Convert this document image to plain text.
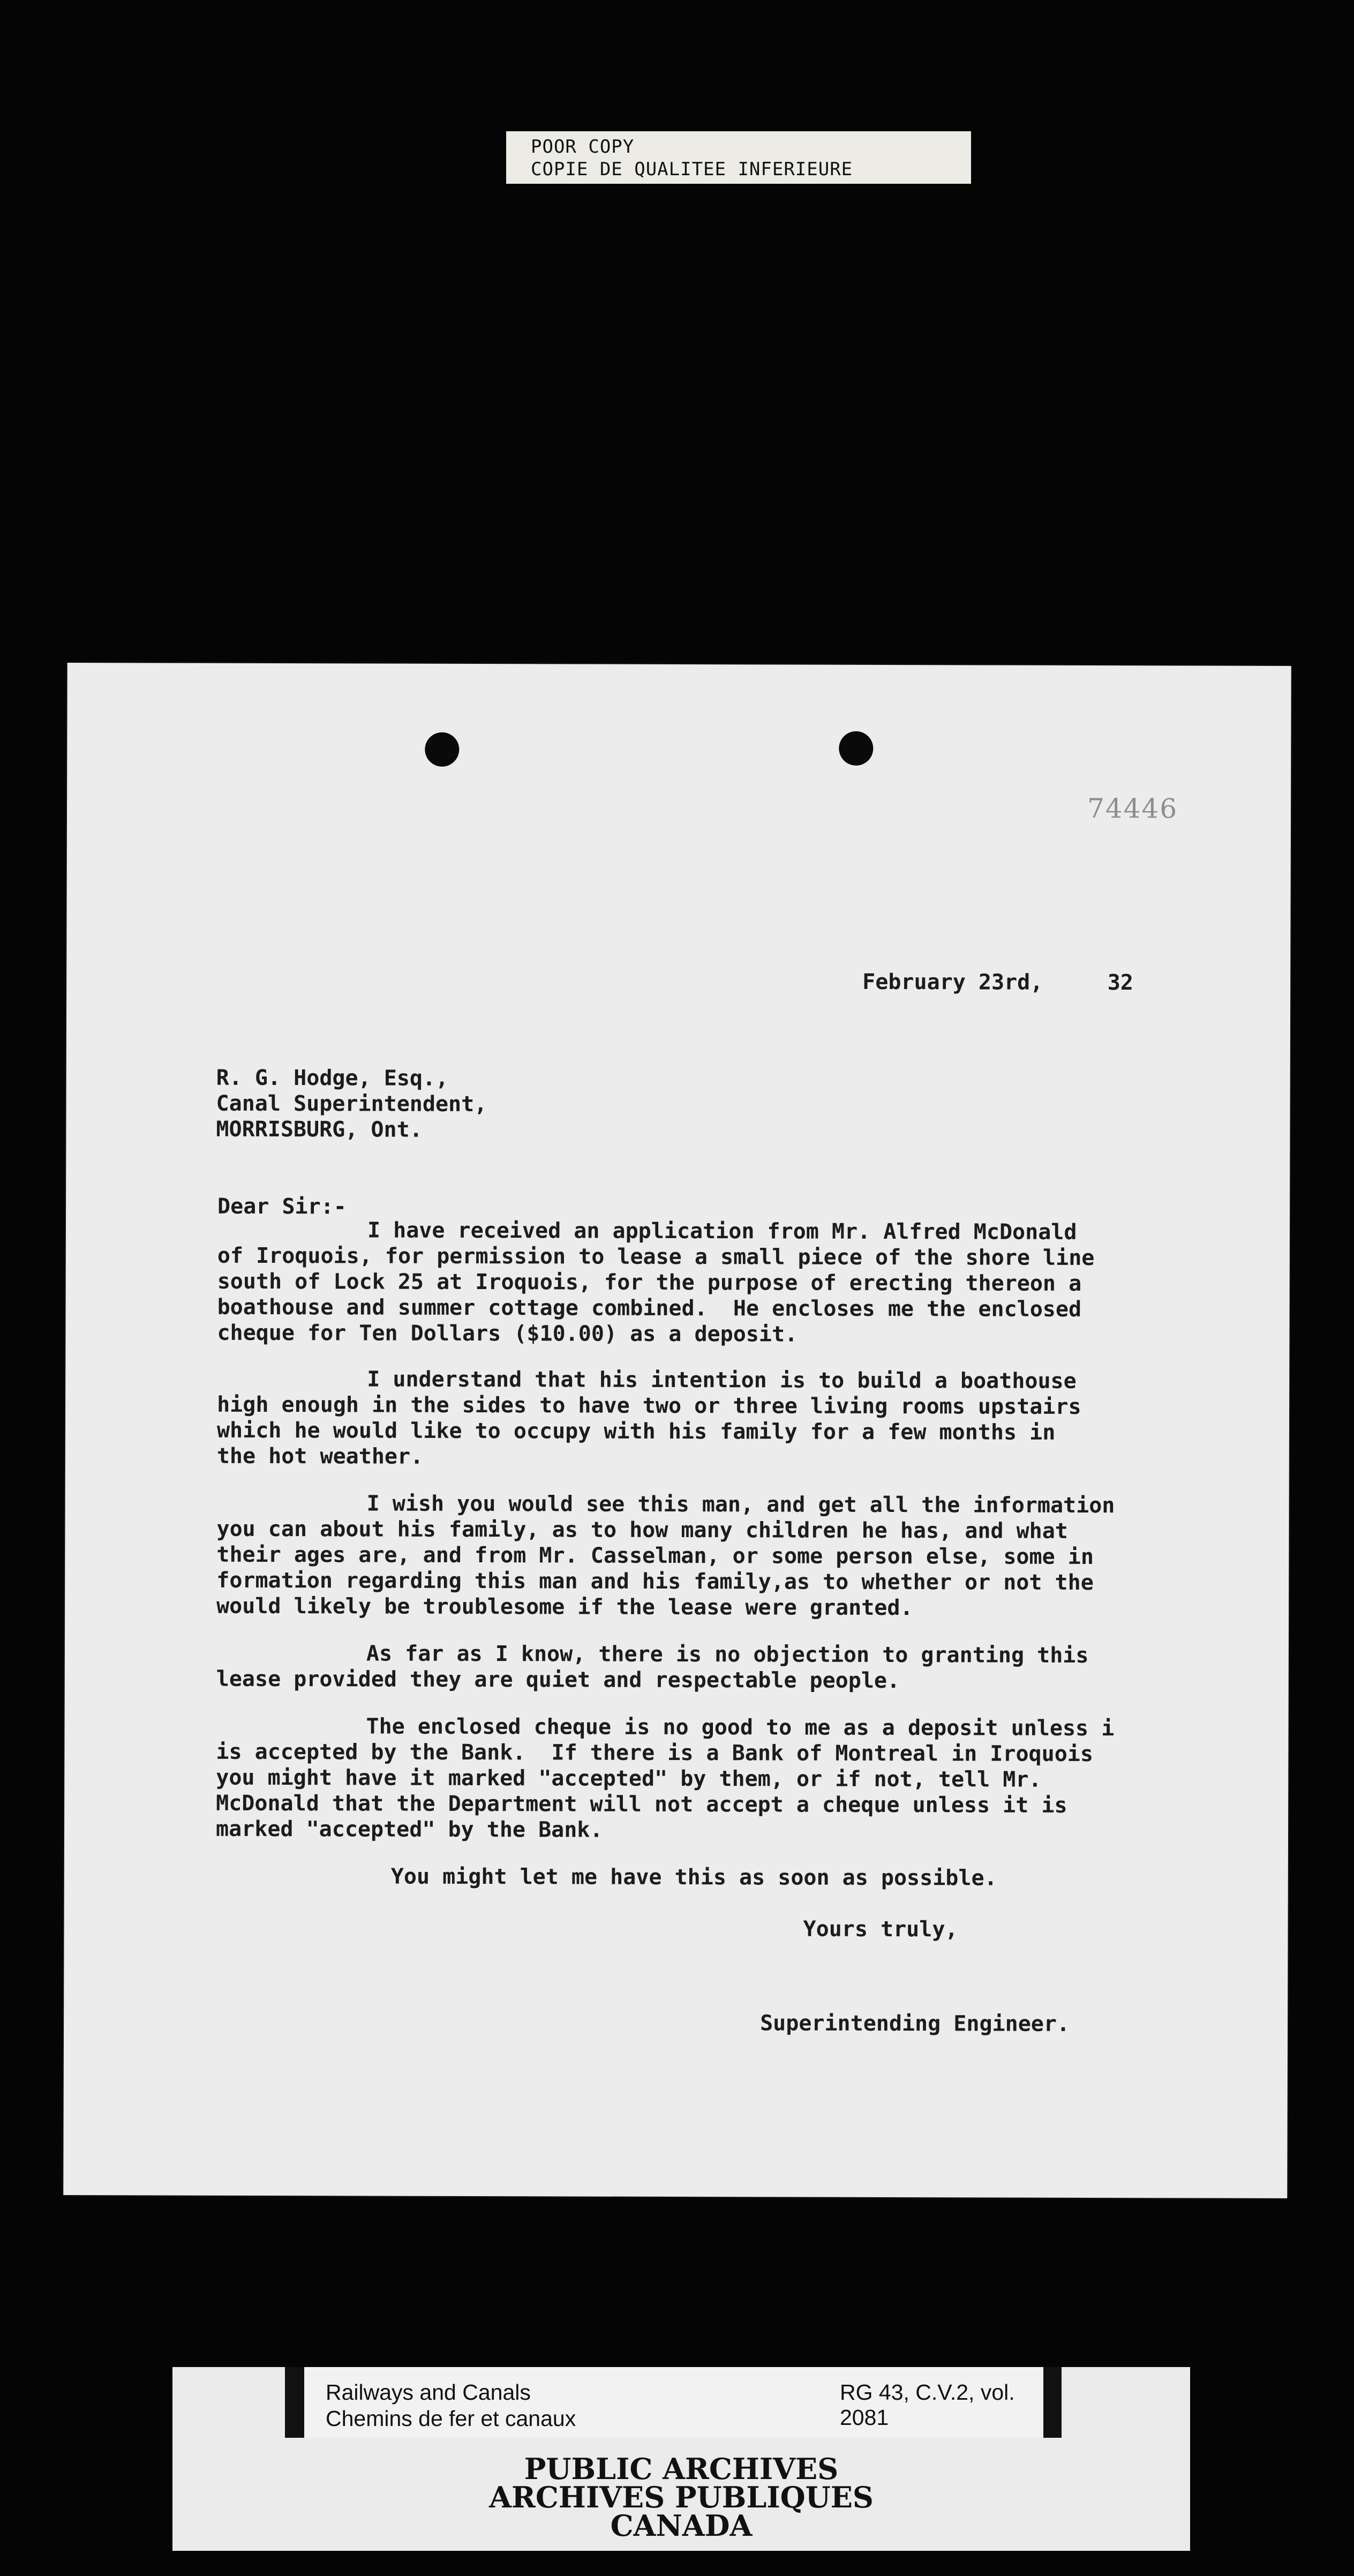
POOR COPY
COPIE DE QUALITEE INFERIEURE
74446
February 23rd,     32
R. G. Hodge, Esq.,
Canal Superintendent,
MORRISBURG, Ont.
Dear Sir:-
I have received an application from Mr. Alfred McDonald
of Iroquois, for permission to lease a small piece of the shore line
south of Lock 25 at Iroquois, for the purpose of erecting thereon a
boathouse and summer cottage combined.  He encloses me the enclosed
cheque for Ten Dollars ($10.00) as a deposit.
I understand that his intention is to build a boathouse
high enough in the sides to have two or three living rooms upstairs
which he would like to occupy with his family for a few months in
the hot weather.
I wish you would see this man, and get all the information
you can about his family, as to how many children he has, and what
their ages are, and from Mr. Casselman, or some person else, some in
formation regarding this man and his family,as to whether or not the
would likely be troublesome if the lease were granted.
As far as I know, there is no objection to granting this
lease provided they are quiet and respectable people.
The enclosed cheque is no good to me as a deposit unless i
is accepted by the Bank.  If there is a Bank of Montreal in Iroquois
you might have it marked "accepted" by them, or if not, tell Mr.
McDonald that the Department will not accept a cheque unless it is
marked "accepted" by the Bank.
You might let me have this as soon as possible.
Yours truly,
Superintending Engineer.
Railways and Canals
Chemins de fer et canaux
RG 43, C.V.2, vol. 2081
PUBLIC ARCHIVES
ARCHIVES PUBLIQUES
CANADA
